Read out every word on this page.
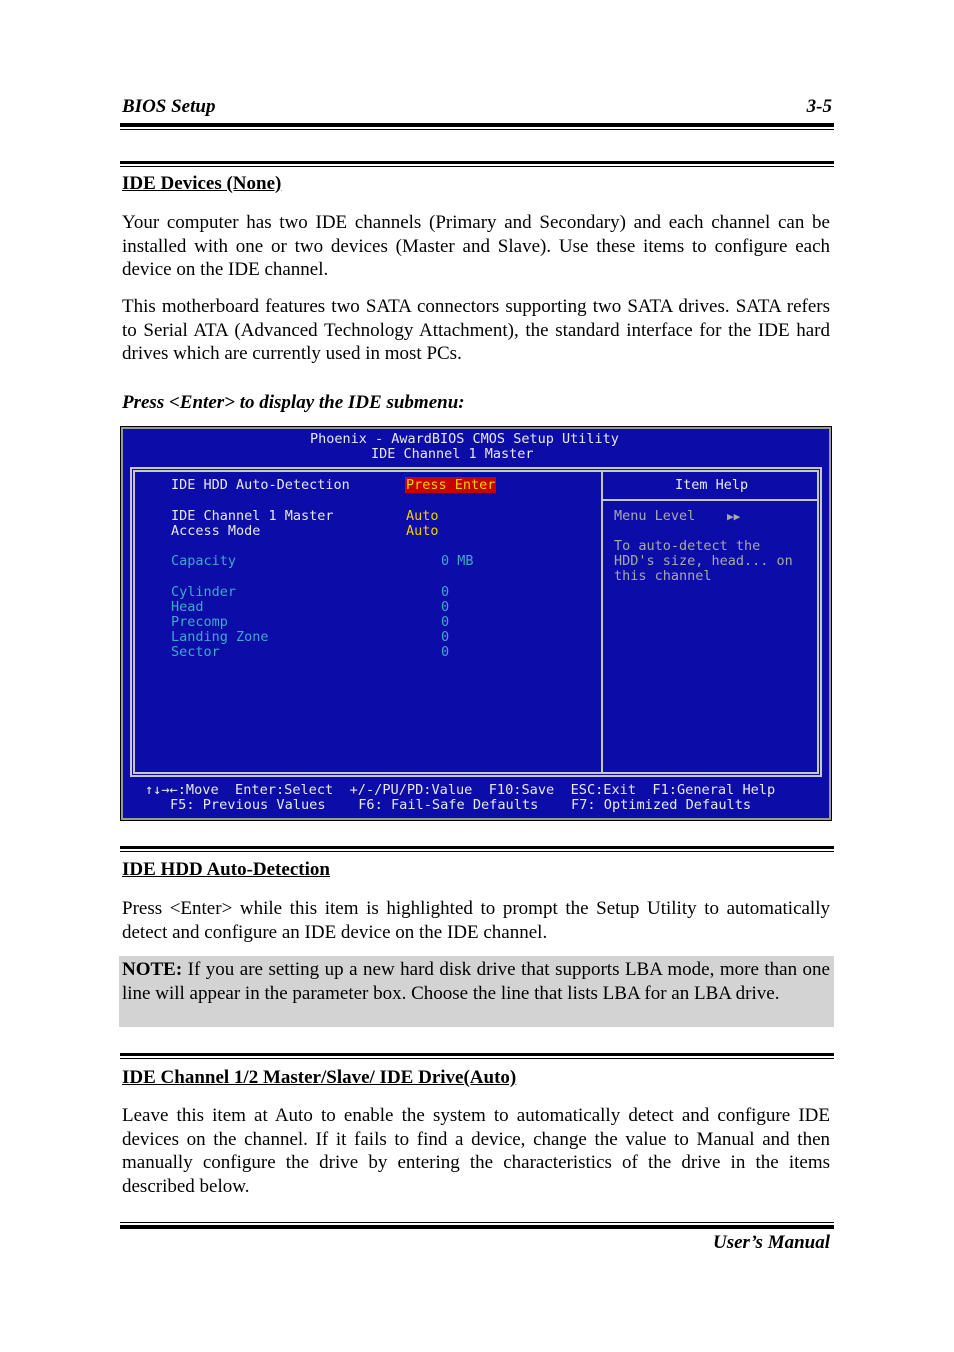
BIOS Setup	3-5
IDE Devices (None)
Your computer has two IDE channels (Primary and Secondary) and each channel can be installed with one or two devices (Master and Slave). Use these items to configure each device on the IDE channel.
This motherboard features two SATA connectors supporting two SATA drives. SATA refers to Serial ATA (Advanced Technology Attachment), the standard interface for the IDE hard drives which are currently used in most PCs.
Press <Enter> to display the IDE submenu:
Phoenix - AwardBIOS CMOS Setup Utility
IDE Channel 1 Master
IDE HDD Auto-Detection	Press Enter
IDE Channel 1 Master	Auto
Access Mode	Auto
Capacity	0 MB
Cylinder	0
Head	0
Precomp	0
Landing Zone	0
Sector	0
Item Help
Menu Level	▶▶
To auto-detect the
HDD's size, head... on
this channel
↑↓→←:Move  Enter:Select  +/-/PU/PD:Value  F10:Save  ESC:Exit  F1:General Help
F5: Previous Values    F6: Fail-Safe Defaults    F7: Optimized Defaults
IDE HDD Auto-Detection
Press <Enter> while this item is highlighted to prompt the Setup Utility to automatically detect and configure an IDE device on the IDE channel.
NOTE: If you are setting up a new hard disk drive that supports LBA mode, more than one line will appear in the parameter box. Choose the line that lists LBA for an LBA drive.
IDE Channel 1/2 Master/Slave/ IDE Drive(Auto)
Leave this item at Auto to enable the system to automatically detect and configure IDE devices on the channel. If it fails to find a device, change the value to Manual and then manually configure the drive by entering the characteristics of the drive in the items described below.
User’s Manual
